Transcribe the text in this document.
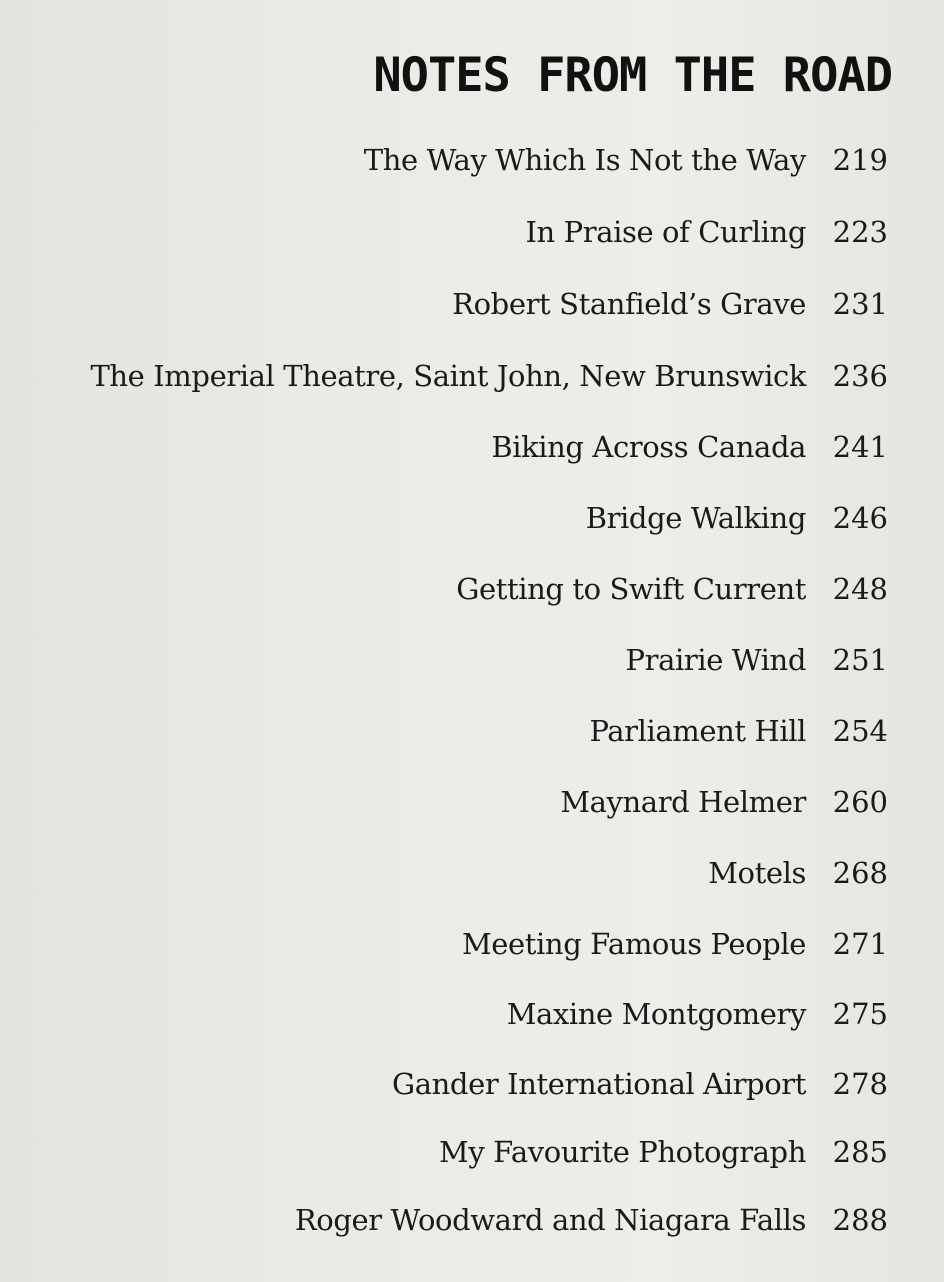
NOTES FROM THE ROAD
The Way Which Is Not the Way 219
In Praise of Curling 223
Robert Stanfield’s Grave 231
The Imperial Theatre, Saint John, New Brunswick 236
Biking Across Canada 241
Bridge Walking 246
Getting to Swift Current 248
Prairie Wind 251
Parliament Hill 254
Maynard Helmer 260
Motels 268
Meeting Famous People 271
Maxine Montgomery 275
Gander International Airport 278
My Favourite Photograph 285
Roger Woodward and Niagara Falls 288
